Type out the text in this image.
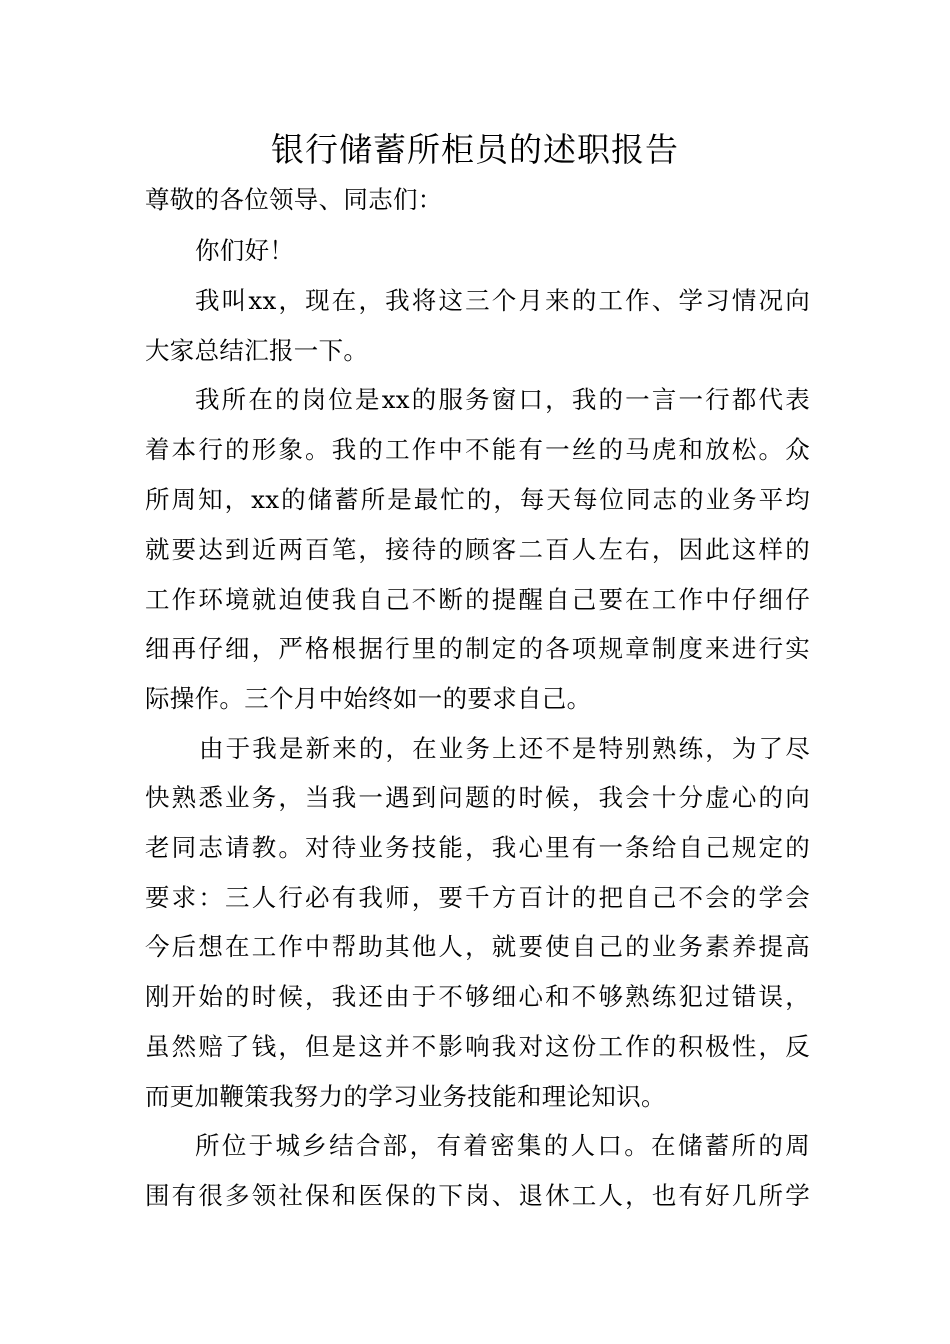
银行储蓄所柜员的述职报告
尊敬的各位领导、同志们：
你们好！
我叫xx，现在，我将这三个月来的工作、学习情况向
大家总结汇报一下。
我所在的岗位是xx的服务窗口，我的一言一行都代表
着本行的形象。我的工作中不能有一丝的马虎和放松。众
所周知，xx的储蓄所是最忙的，每天每位同志的业务平均
就要达到近两百笔，接待的顾客二百人左右，因此这样的
工作环境就迫使我自己不断的提醒自己要在工作中仔细仔
细再仔细，严格根据行里的制定的各项规章制度来进行实
际操作。三个月中始终如一的要求自己。
由于我是新来的，在业务上还不是特别熟练，为了尽
快熟悉业务，当我一遇到问题的时候，我会十分虚心的向
老同志请教。对待业务技能，我心里有一条给自己规定的
要求：三人行必有我师，要千方百计的把自己不会的学会
今后想在工作中帮助其他人，就要使自己的业务素养提高
刚开始的时候，我还由于不够细心和不够熟练犯过错误，
虽然赔了钱，但是这并不影响我对这份工作的积极性，反
而更加鞭策我努力的学习业务技能和理论知识。
所位于城乡结合部，有着密集的人口。在储蓄所的周
围有很多领社保和医保的下岗、退休工人，也有好几所学
